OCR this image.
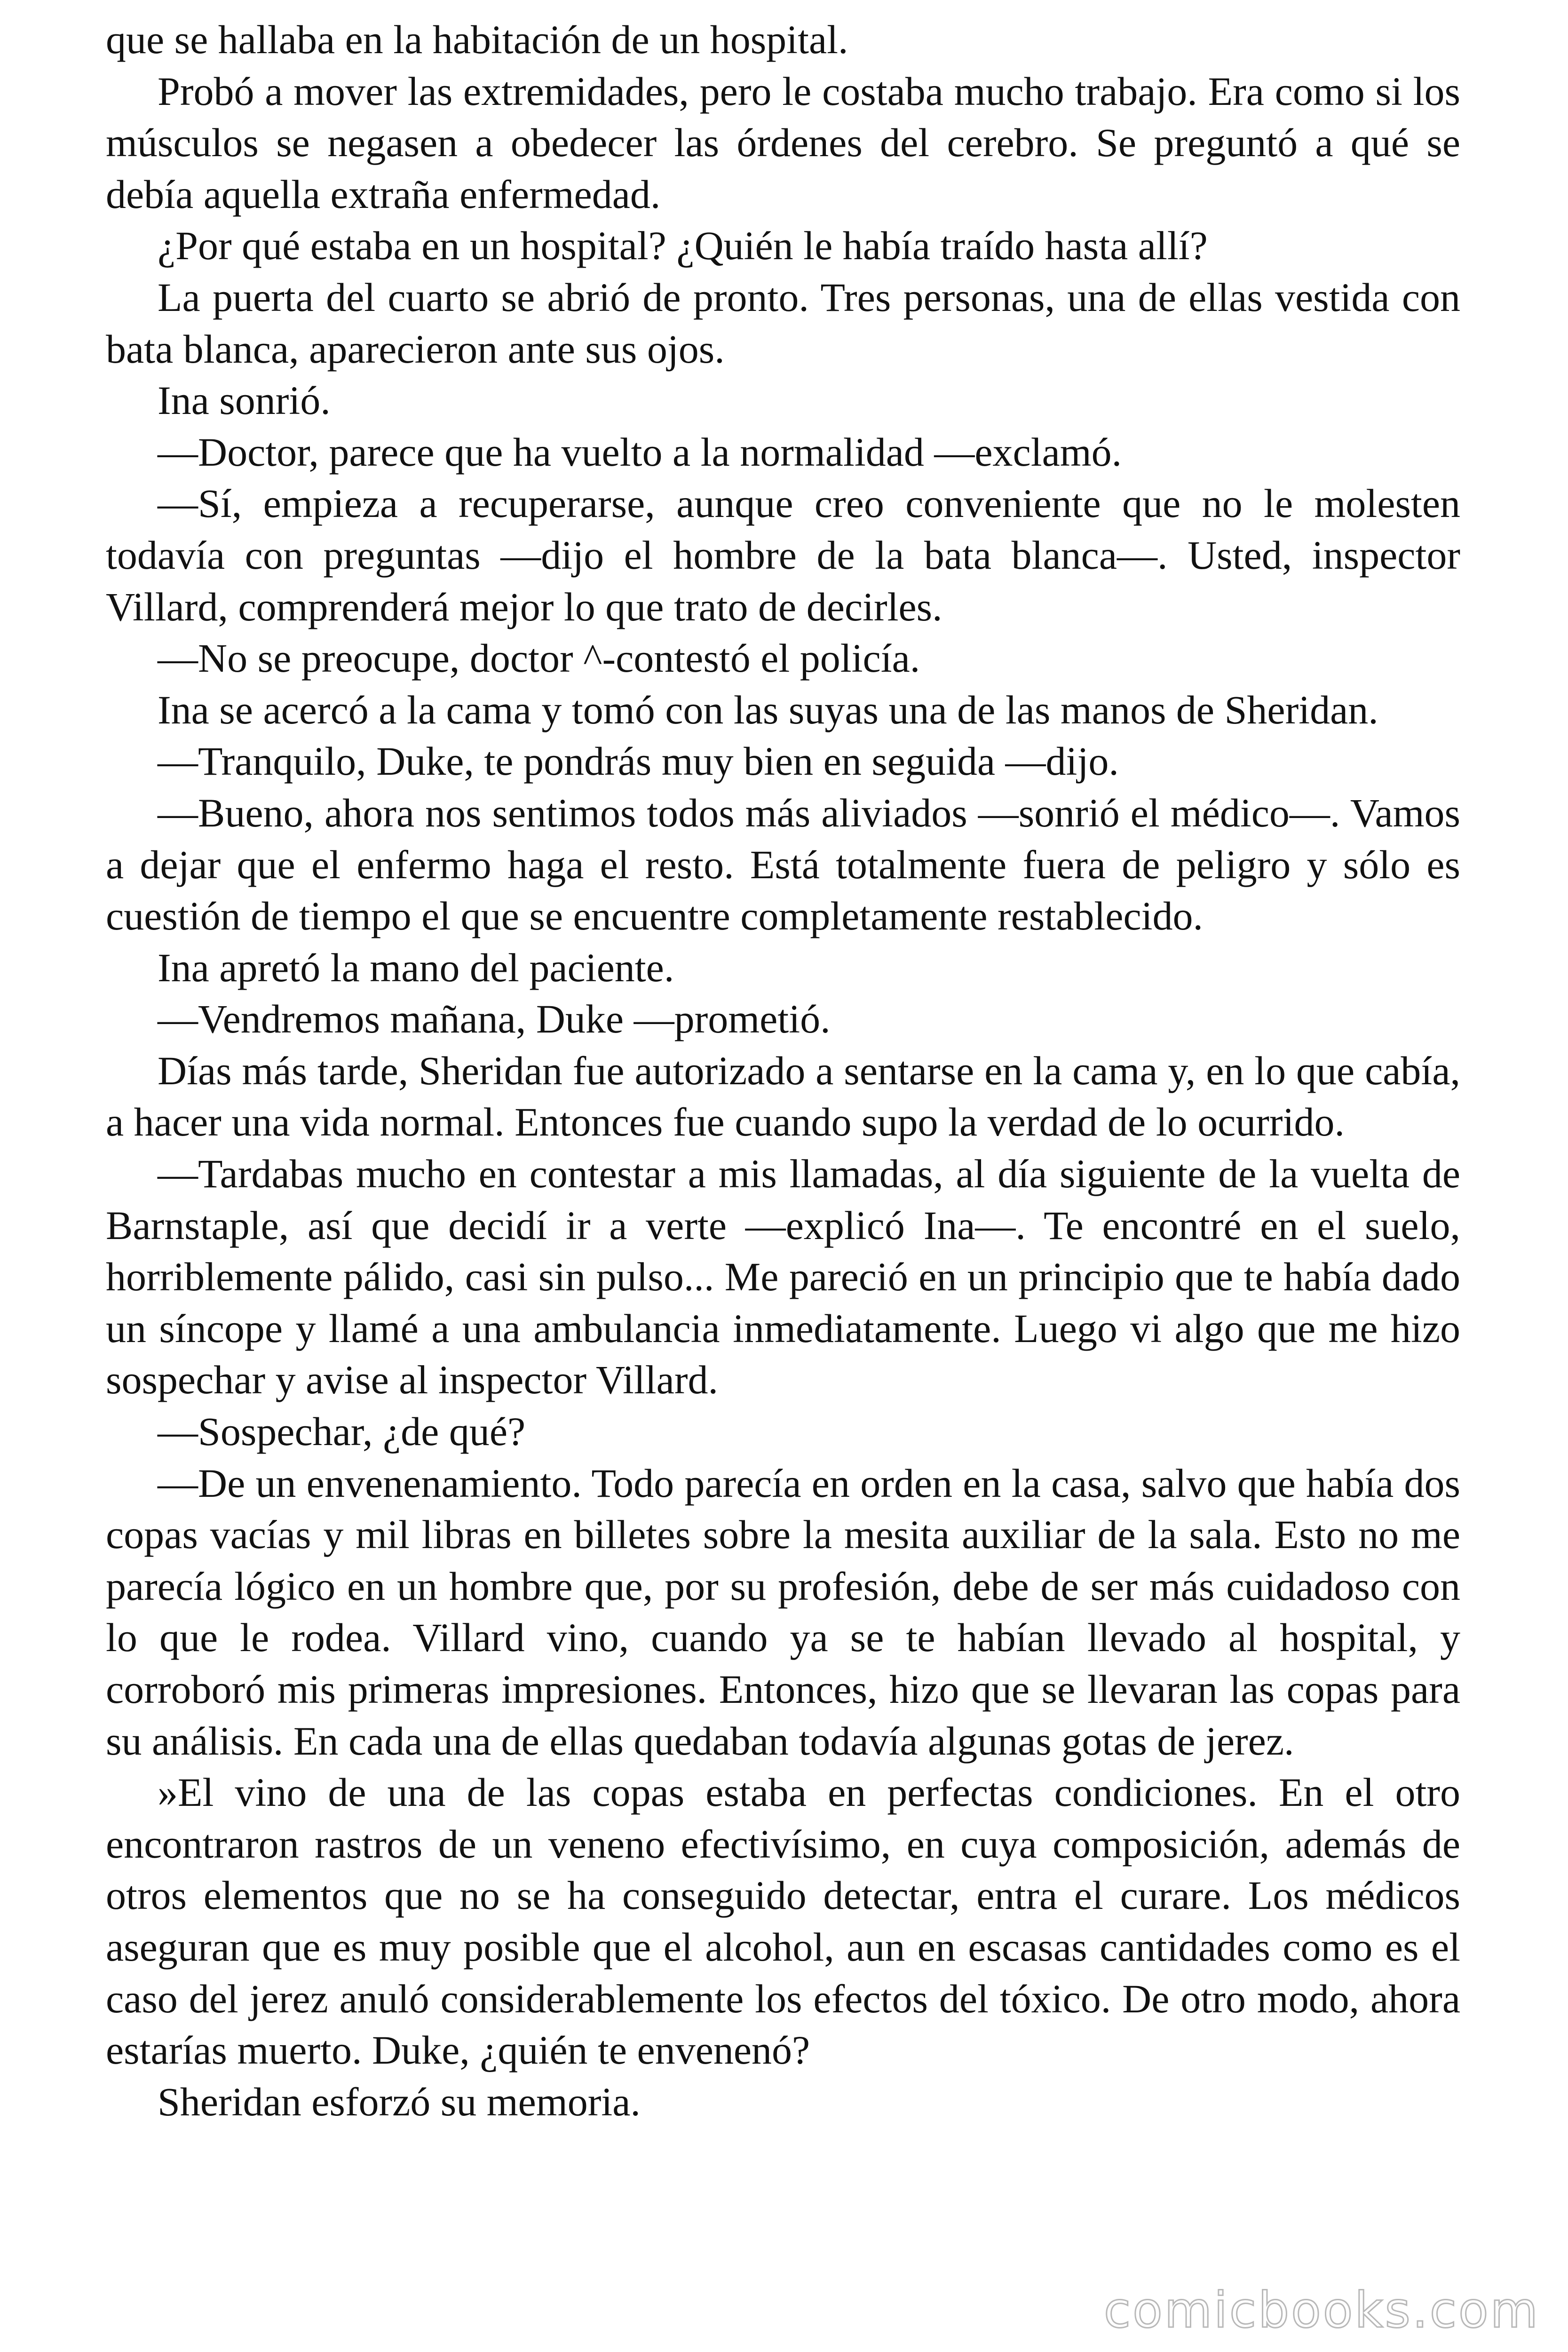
que se hallaba en la habitación de un hospital.

Probó a mover las extremidades, pero le costaba mucho trabajo. Era como si los músculos se negasen a obedecer las órdenes del cerebro. Se preguntó a qué se debía aquella extraña enfermedad.

¿Por qué estaba en un hospital? ¿Quién le había traído hasta allí?

La puerta del cuarto se abrió de pronto. Tres personas, una de ellas vestida con bata blanca, aparecieron ante sus ojos.

Ina sonrió.

—Doctor, parece que ha vuelto a la normalidad —exclamó.

—Sí, empieza a recuperarse, aunque creo conveniente que no le molesten todavía con preguntas —dijo el hombre de la bata blanca—. Usted, inspector Villard, comprenderá mejor lo que trato de decirles.

—No se preocupe, doctor ^-contestó el policía.

Ina se acercó a la cama y tomó con las suyas una de las manos de Sheridan.

—Tranquilo, Duke, te pondrás muy bien en seguida —dijo.

—Bueno, ahora nos sentimos todos más aliviados —sonrió el médico—. Vamos a dejar que el enfermo haga el resto. Está totalmente fuera de peligro y sólo es cuestión de tiempo el que se encuentre completamente restablecido.

Ina apretó la mano del paciente.

—Vendremos mañana, Duke —prometió.

Días más tarde, Sheridan fue autorizado a sentarse en la cama y, en lo que cabía, a hacer una vida normal. Entonces fue cuando supo la verdad de lo ocurrido.

—Tardabas mucho en contestar a mis llamadas, al día siguiente de la vuelta de Barnstaple, así que decidí ir a verte —explicó Ina—. Te encontré en el suelo, horriblemente pálido, casi sin pulso... Me pareció en un principio que te había dado un síncope y llamé a una ambulancia inmediatamente. Luego vi algo que me hizo sospechar y avise al inspector Villard.

—Sospechar, ¿de qué?

—De un envenenamiento. Todo parecía en orden en la casa, salvo que había dos copas vacías y mil libras en billetes sobre la mesita auxiliar de la sala. Esto no me parecía lógico en un hombre que, por su profesión, debe de ser más cuidadoso con lo que le rodea. Villard vino, cuando ya se te habían llevado al hospital, y corroboró mis primeras impresiones. Entonces, hizo que se llevaran las copas para su análisis. En cada una de ellas quedaban todavía algunas gotas de jerez.

»El vino de una de las copas estaba en perfectas condiciones. En el otro encontraron rastros de un veneno efectivísimo, en cuya composición, además de otros elementos que no se ha conseguido detectar, entra el curare. Los médicos aseguran que es muy posible que el alcohol, aun en escasas cantidades como es el caso del jerez anuló considerablemente los efectos del tóxico. De otro modo, ahora estarías muerto. Duke, ¿quién te envenenó?

Sheridan esforzó su memoria.

comicbooks.com
